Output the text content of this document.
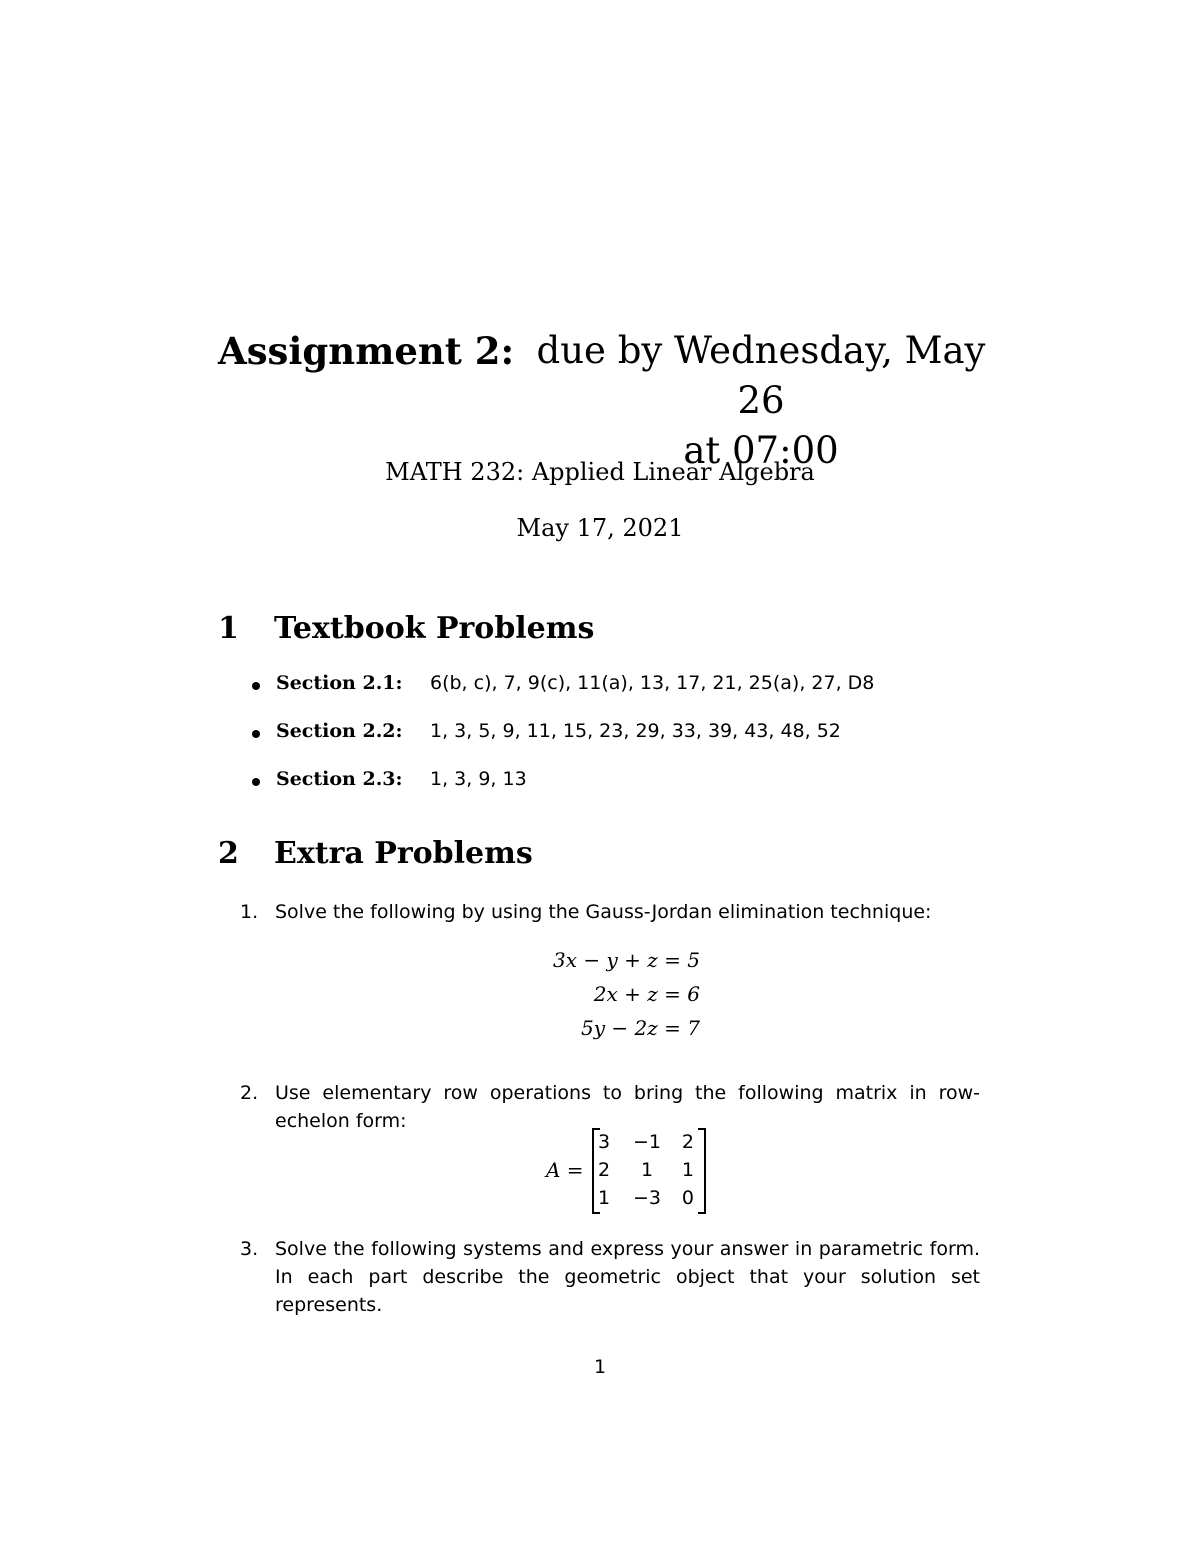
Assignment 2: due by Wednesday, May 26
at 07:00
MATH 232: Applied Linear Algebra
May 17, 2021
1 Textbook Problems
Section 2.1: 6(b, c), 7, 9(c), 11(a), 13, 17, 21, 25(a), 27, D8
Section 2.2: 1, 3, 5, 9, 11, 15, 23, 29, 33, 39, 43, 48, 52
Section 2.3: 1, 3, 9, 13
2 Extra Problems
1. Solve the following by using the Gauss-Jordan elimination technique:
3x − y + z = 5
2x + z = 6
5y − 2z = 7
2. Use elementary row operations to bring the following matrix in row-echelon form:
A =
3	−1	2
2	1	1
1	−3	0
3. Solve the following systems and express your answer in parametric form. In each part describe the geometric object that your solution set represents.
1
